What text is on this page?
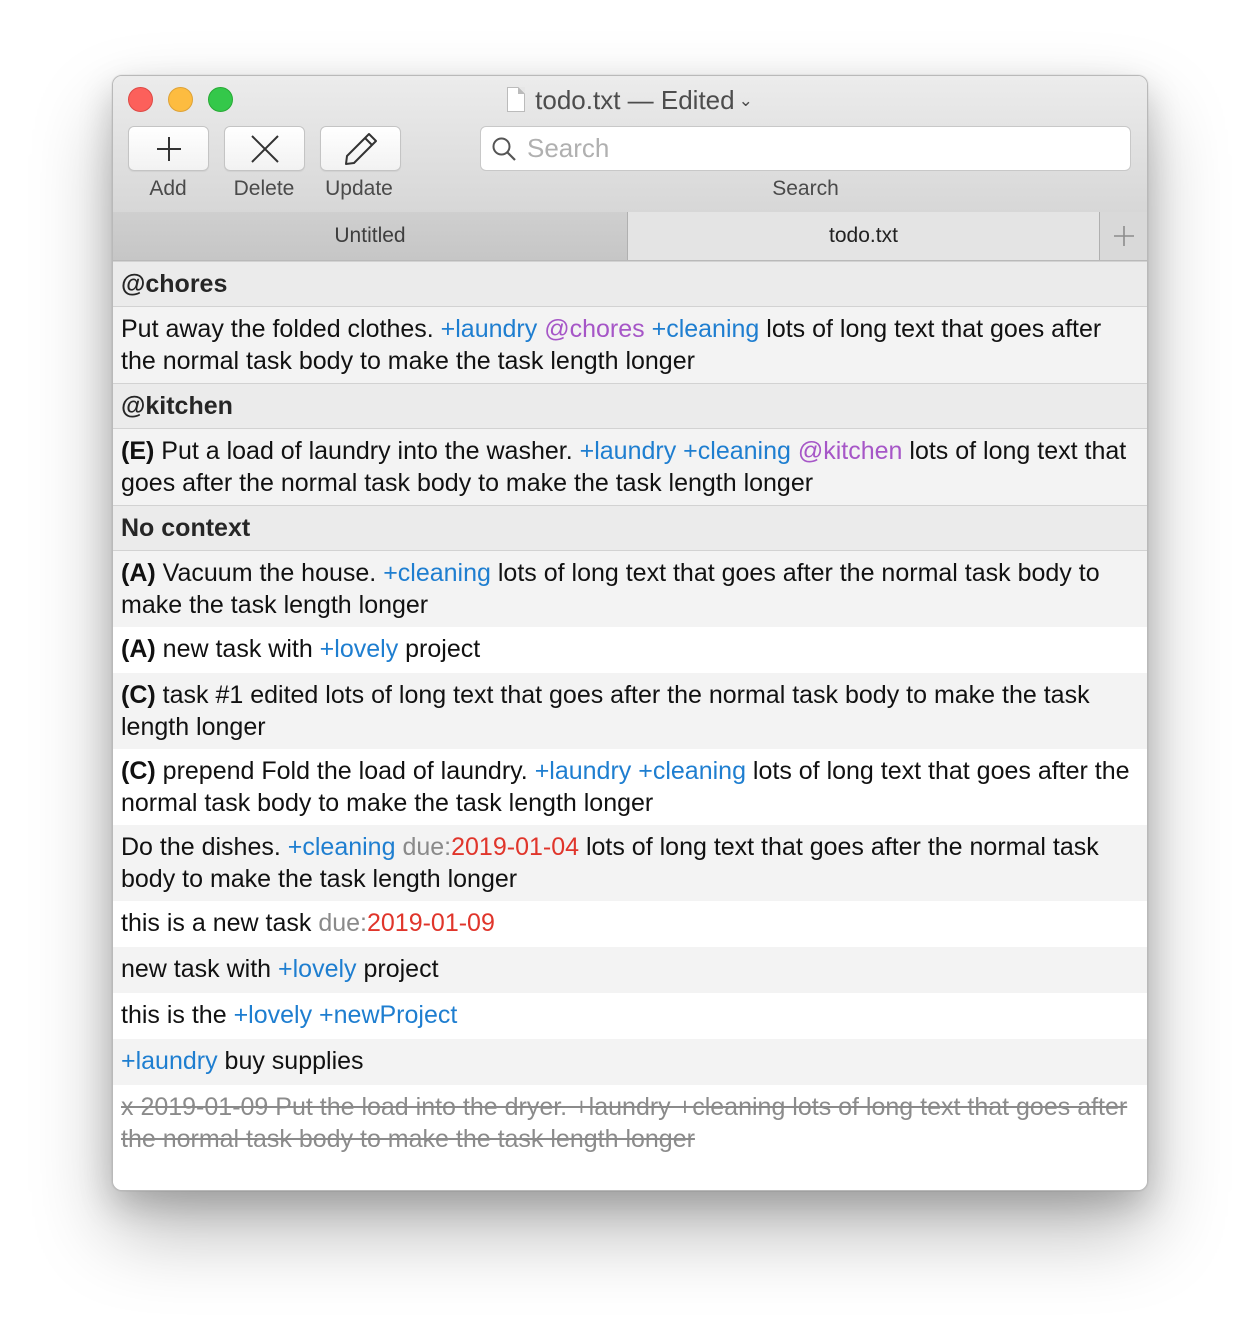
todo.txt — Edited ⌄
Add	Delete	Update
Search	Search
Untitled	todo.txt
@chores
Put away the folded clothes. +laundry @chores +cleaning lots of long text that goes after the normal task body to make the task length longer
@kitchen
(E) Put a load of laundry into the washer. +laundry +cleaning @kitchen lots of long text that goes after the normal task body to make the task length longer
No context
(A) Vacuum the house. +cleaning lots of long text that goes after the normal task body to make the task length longer
(A) new task with +lovely project
(C) task #1 edited lots of long text that goes after the normal task body to make the task length longer
(C) prepend Fold the load of laundry. +laundry +cleaning lots of long text that goes after the normal task body to make the task length longer
Do the dishes. +cleaning due:2019-01-04 lots of long text that goes after the normal task body to make the task length longer
this is a new task due:2019-01-09
new task with +lovely project
this is the +lovely +newProject
+laundry buy supplies
x 2019-01-09 Put the load into the dryer. +laundry +cleaning lots of long text that goes after the normal task body to make the task length longer
